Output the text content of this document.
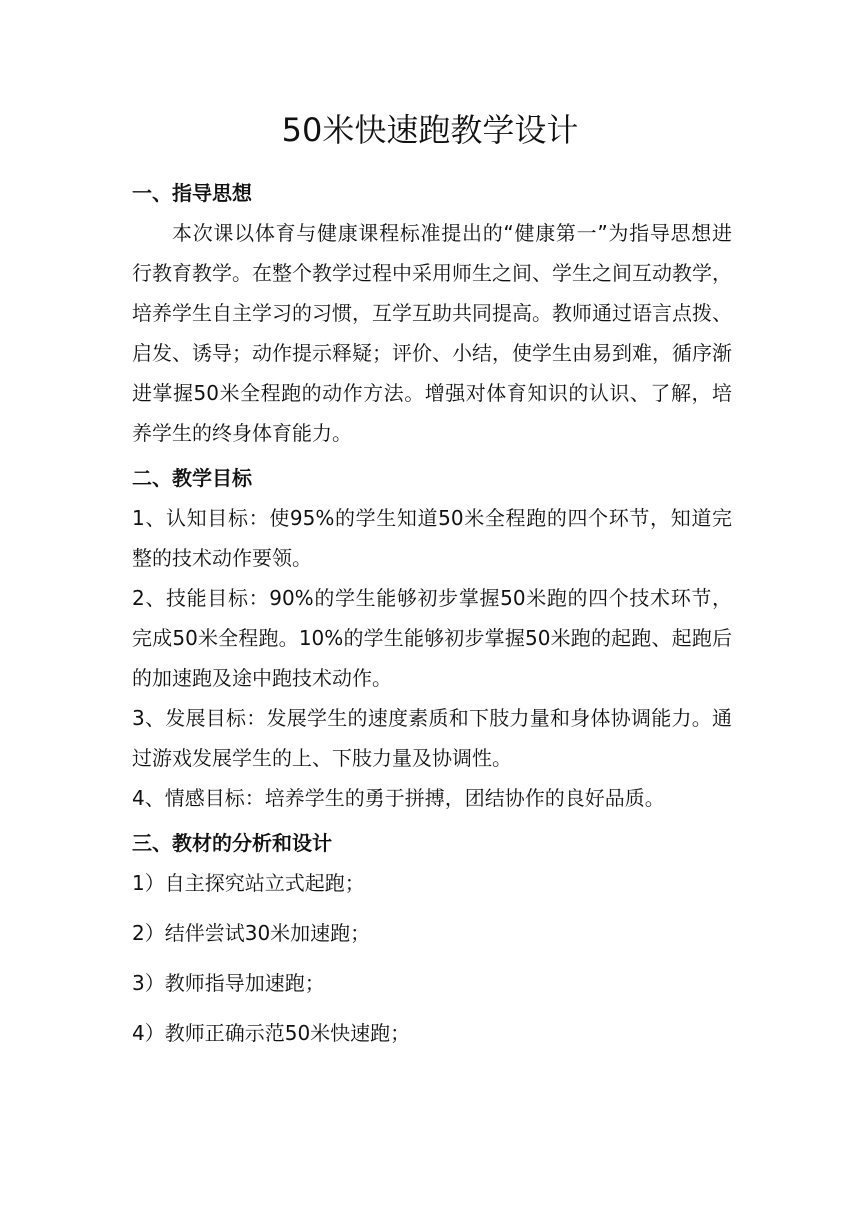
50米快速跑教学设计
一、指导思想

本次课以体育与健康课程标准提出的“健康第一”为指导思想进行教育教学。在整个教学过程中采用师生之间、学生之间互动教学，培养学生自主学习的习惯，互学互助共同提高。教师通过语言点拨、启发、诱导；动作提示释疑；评价、小结，使学生由易到难，循序渐进掌握50米全程跑的动作方法。增强对体育知识的认识、了解，培养学生的终身体育能力。

二、教学目标

1、认知目标：使95%的学生知道50米全程跑的四个环节，知道完整的技术动作要领。

2、技能目标：90%的学生能够初步掌握50米跑的四个技术环节，完成50米全程跑。10%的学生能够初步掌握50米跑的起跑、起跑后的加速跑及途中跑技术动作。

3、发展目标：发展学生的速度素质和下肢力量和身体协调能力。通过游戏发展学生的上、下肢力量及协调性。

4、情感目标：培养学生的勇于拼搏，团结协作的良好品质。

三、教材的分析和设计

1）自主探究站立式起跑；

2）结伴尝试30米加速跑；

3）教师指导加速跑；

4）教师正确示范50米快速跑；
